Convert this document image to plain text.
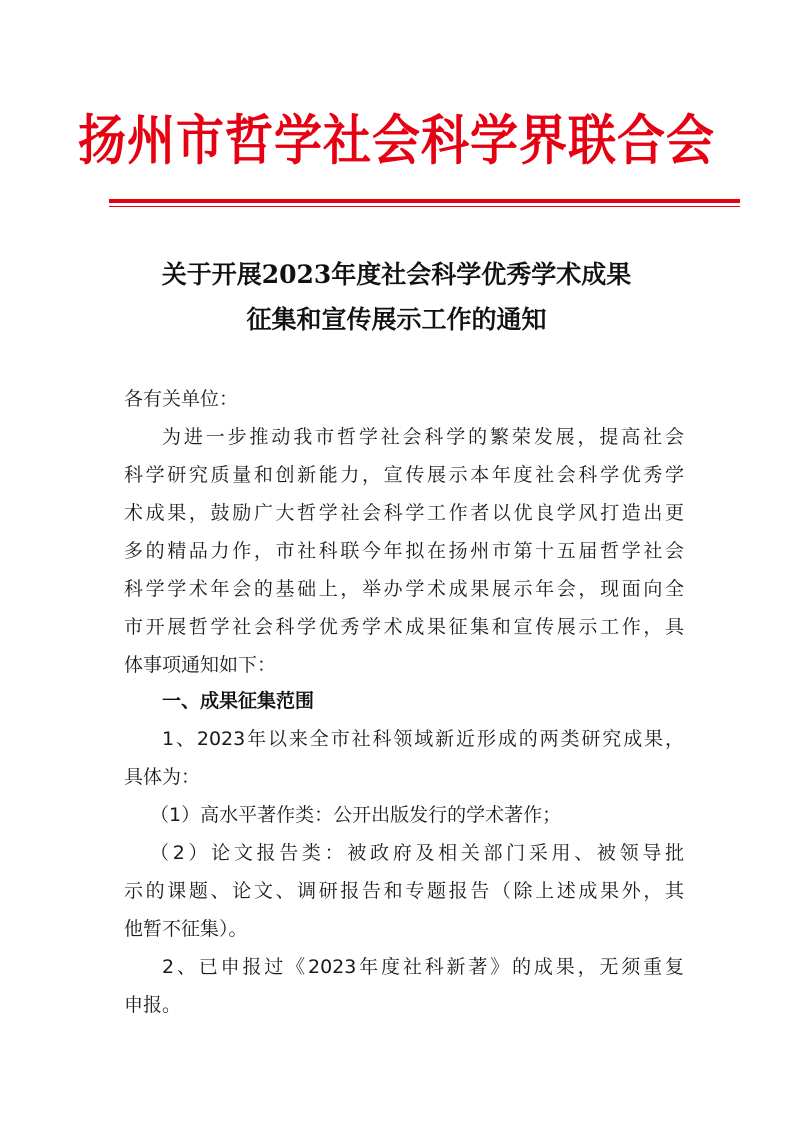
扬州市哲学社会科学界联合会
关于开展2023年度社会科学优秀学术成果
征集和宣传展示工作的通知
各有关单位：
为进一步推动我市哲学社会科学的繁荣发展，提高社会
科学研究质量和创新能力，宣传展示本年度社会科学优秀学
术成果，鼓励广大哲学社会科学工作者以优良学风打造出更
多的精品力作，市社科联今年拟在扬州市第十五届哲学社会
科学学术年会的基础上，举办学术成果展示年会，现面向全
市开展哲学社会科学优秀学术成果征集和宣传展示工作，具
体事项通知如下：
一、成果征集范围
1、2023年以来全市社科领域新近形成的两类研究成果，
具体为：
（1）高水平著作类：公开出版发行的学术著作；
（2）论文报告类：被政府及相关部门采用、被领导批
示的课题、论文、调研报告和专题报告（除上述成果外，其
他暂不征集）。
2、已申报过《2023年度社科新著》的成果，无须重复
申报。
